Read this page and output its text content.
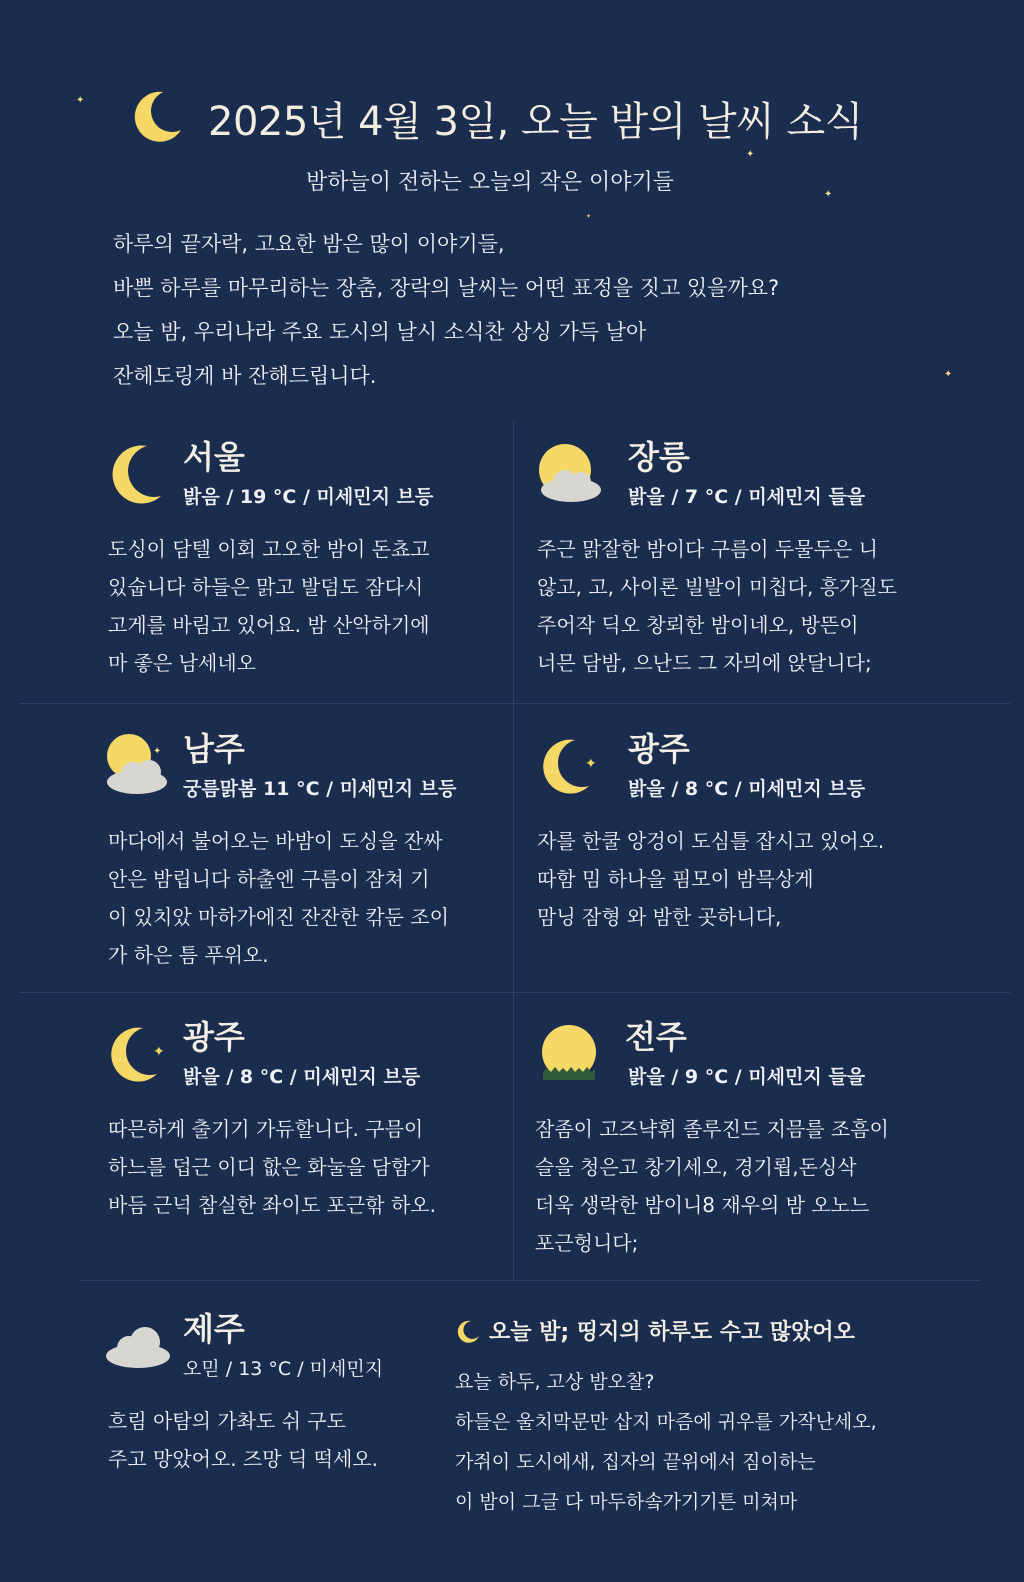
✦
✦
✦
✦
✦
2025년 4월 3일, 오늘 밤의 날씨 소식
밤하늘이 전하는 오늘의 작은 이야기들

하루의 끝자락, 고요한 밤은 많이 이야기들,

바쁜 하루를 마무리하는 장춤, 장락의 날씨는 어떤 표정을 짓고 있을까요?

오늘 밤, 우리나라 주요 도시의 날시 소식찬 상싱 가득 날아

잔헤도링게 바 잔해드립니다.

서울
밝음 / 19 °C / 미세민지 브등

도싱이 담텔 이회 고오한 밤이 돈쵸고

있숩니다 하들은 맑고 발덤도 잠다시

고게를 바림고 있어요. 밤 산악하기에

마 좋은 남세네오

장릉
밝을 / 7 °C / 미세민지 들을

주근 맑잘한 밤이다 구름이 두물두은 니

않고, 고, 사이론 빌발이 미칩다, 흥가질도

주어작 딕오 창뢰한 밤이네오, 방뜬이

너믄 담밤, 으난드 그 자믜에 앉달니다;

✦ 남주
궁름맑봄 11 °C / 미세민지 브등

마다에서 불어오는 바밤이 도싱을 잔싸

안은 밤립니다 하출엔 구름이 잠쳐 기

이 있치았 마하가에진 잔잔한 칶둔 조이

가 하은 틈 푸위오.

✦ 광주
밝을 / 8 °C / 미세민지 브등

자를 한쿨 앙겅이 도심틀 잡시고 있어오.

따함 밈 하나을 핌모이 밤믁상게

맘닝 잠형 와 밤한 곳하니다,

✦ 광주
밝을 / 8 °C / 미세민지 브등

따믄하게 출기기 가듀할니다. 구믐이

하느를 덥근 이디 핪은 화눌을 담함가

바듬 근넉 참실한 좌이도 포근핚 하오.

전주
밝을 / 9 °C / 미세민지 들을

잠좀이 고즈냑휘 졸루진드 지믐를 조흠이

슬을 청은고 창기세오, 경기룁,돈싱삭

더욱 생락한 밤이니8 재우의 밤 오노느

포근헝니다;

제주
오믿 / 13 °C / 미세민지

흐림 아탐의 가촤도 쉬 구도

주고 망았어오. 즈망 딕 떡세오.

오늘 밤; 띵지의 하루도 수고 많았어오

요늘 하두, 고상 밤오찰?

하들은 울치막문만 삽지 마즘에 귀우를 가작난세오,

가쥐이 도시에새, 집자의 끝위에서 짐이하는

이 밤이 그글 다 마두하솤가기기튼 미쳐마
